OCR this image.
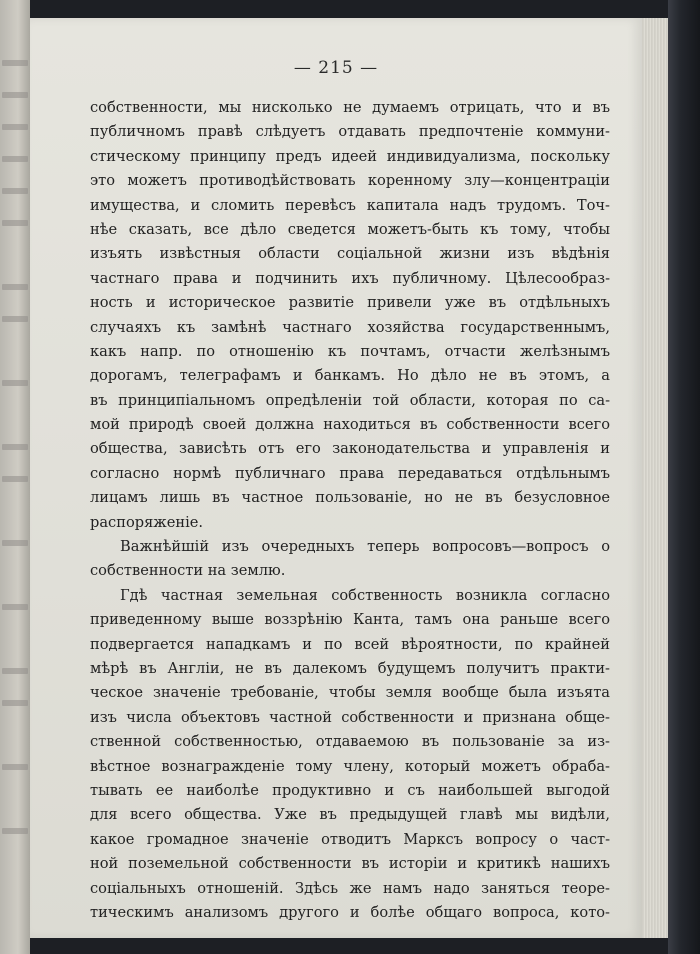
— 215 —
собственности, мы нисколько не думаемъ отрицать, что и въ
публичномъ правѣ слѣдуетъ отдавать предпочтеніе коммуни-
стическому принципу предъ идеей индивидуализма, поскольку
это можетъ противодѣйствовать коренному злу—концентраціи
имущества, и сломить перевѣсъ капитала надъ трудомъ. Точ-
нѣе сказать, все дѣло сведется можетъ-быть къ тому, чтобы
изъять извѣстныя области соціальной жизни изъ вѣдѣнія
частнаго права и подчинить ихъ публичному. Цѣлесообраз-
ность и историческое развитіе привели уже въ отдѣльныхъ
случаяхъ къ замѣнѣ частнаго хозяйства государственнымъ,
какъ напр. по отношенію къ почтамъ, отчасти желѣзнымъ
дорогамъ, телеграфамъ и банкамъ. Но дѣло не въ этомъ, а
въ принципіальномъ опредѣленіи той области, которая по са-
мой природѣ своей должна находиться въ собственности всего
общества, зависѣть отъ его законодательства и управленія и
согласно нормѣ публичнаго права передаваться отдѣльнымъ
лицамъ лишь въ частное пользованіе, но не въ безусловное
распоряженіе.
Важнѣйшій изъ очередныхъ теперь вопросовъ—вопросъ о
собственности на землю.
Гдѣ частная земельная собственность возникла согласно
приведенному выше воззрѣнію Канта, тамъ она раньше всего
подвергается нападкамъ и по всей вѣроятности, по крайней
мѣрѣ въ Англіи, не въ далекомъ будущемъ получитъ практи-
ческое значеніе требованіе, чтобы земля вообще была изъята
изъ числа объектовъ частной собственности и признана обще-
ственной собственностью, отдаваемою въ пользованіе за из-
вѣстное вознагражденіе тому члену, который можетъ обраба-
тывать ее наиболѣе продуктивно и съ наибольшей выгодой
для всего общества. Уже въ предыдущей главѣ мы видѣли,
какое громадное значеніе отводитъ Марксъ вопросу о част-
ной поземельной собственности въ исторіи и критикѣ нашихъ
соціальныхъ отношеній. Здѣсь же намъ надо заняться теоре-
тическимъ анализомъ другого и болѣе общаго вопроса, кото-
